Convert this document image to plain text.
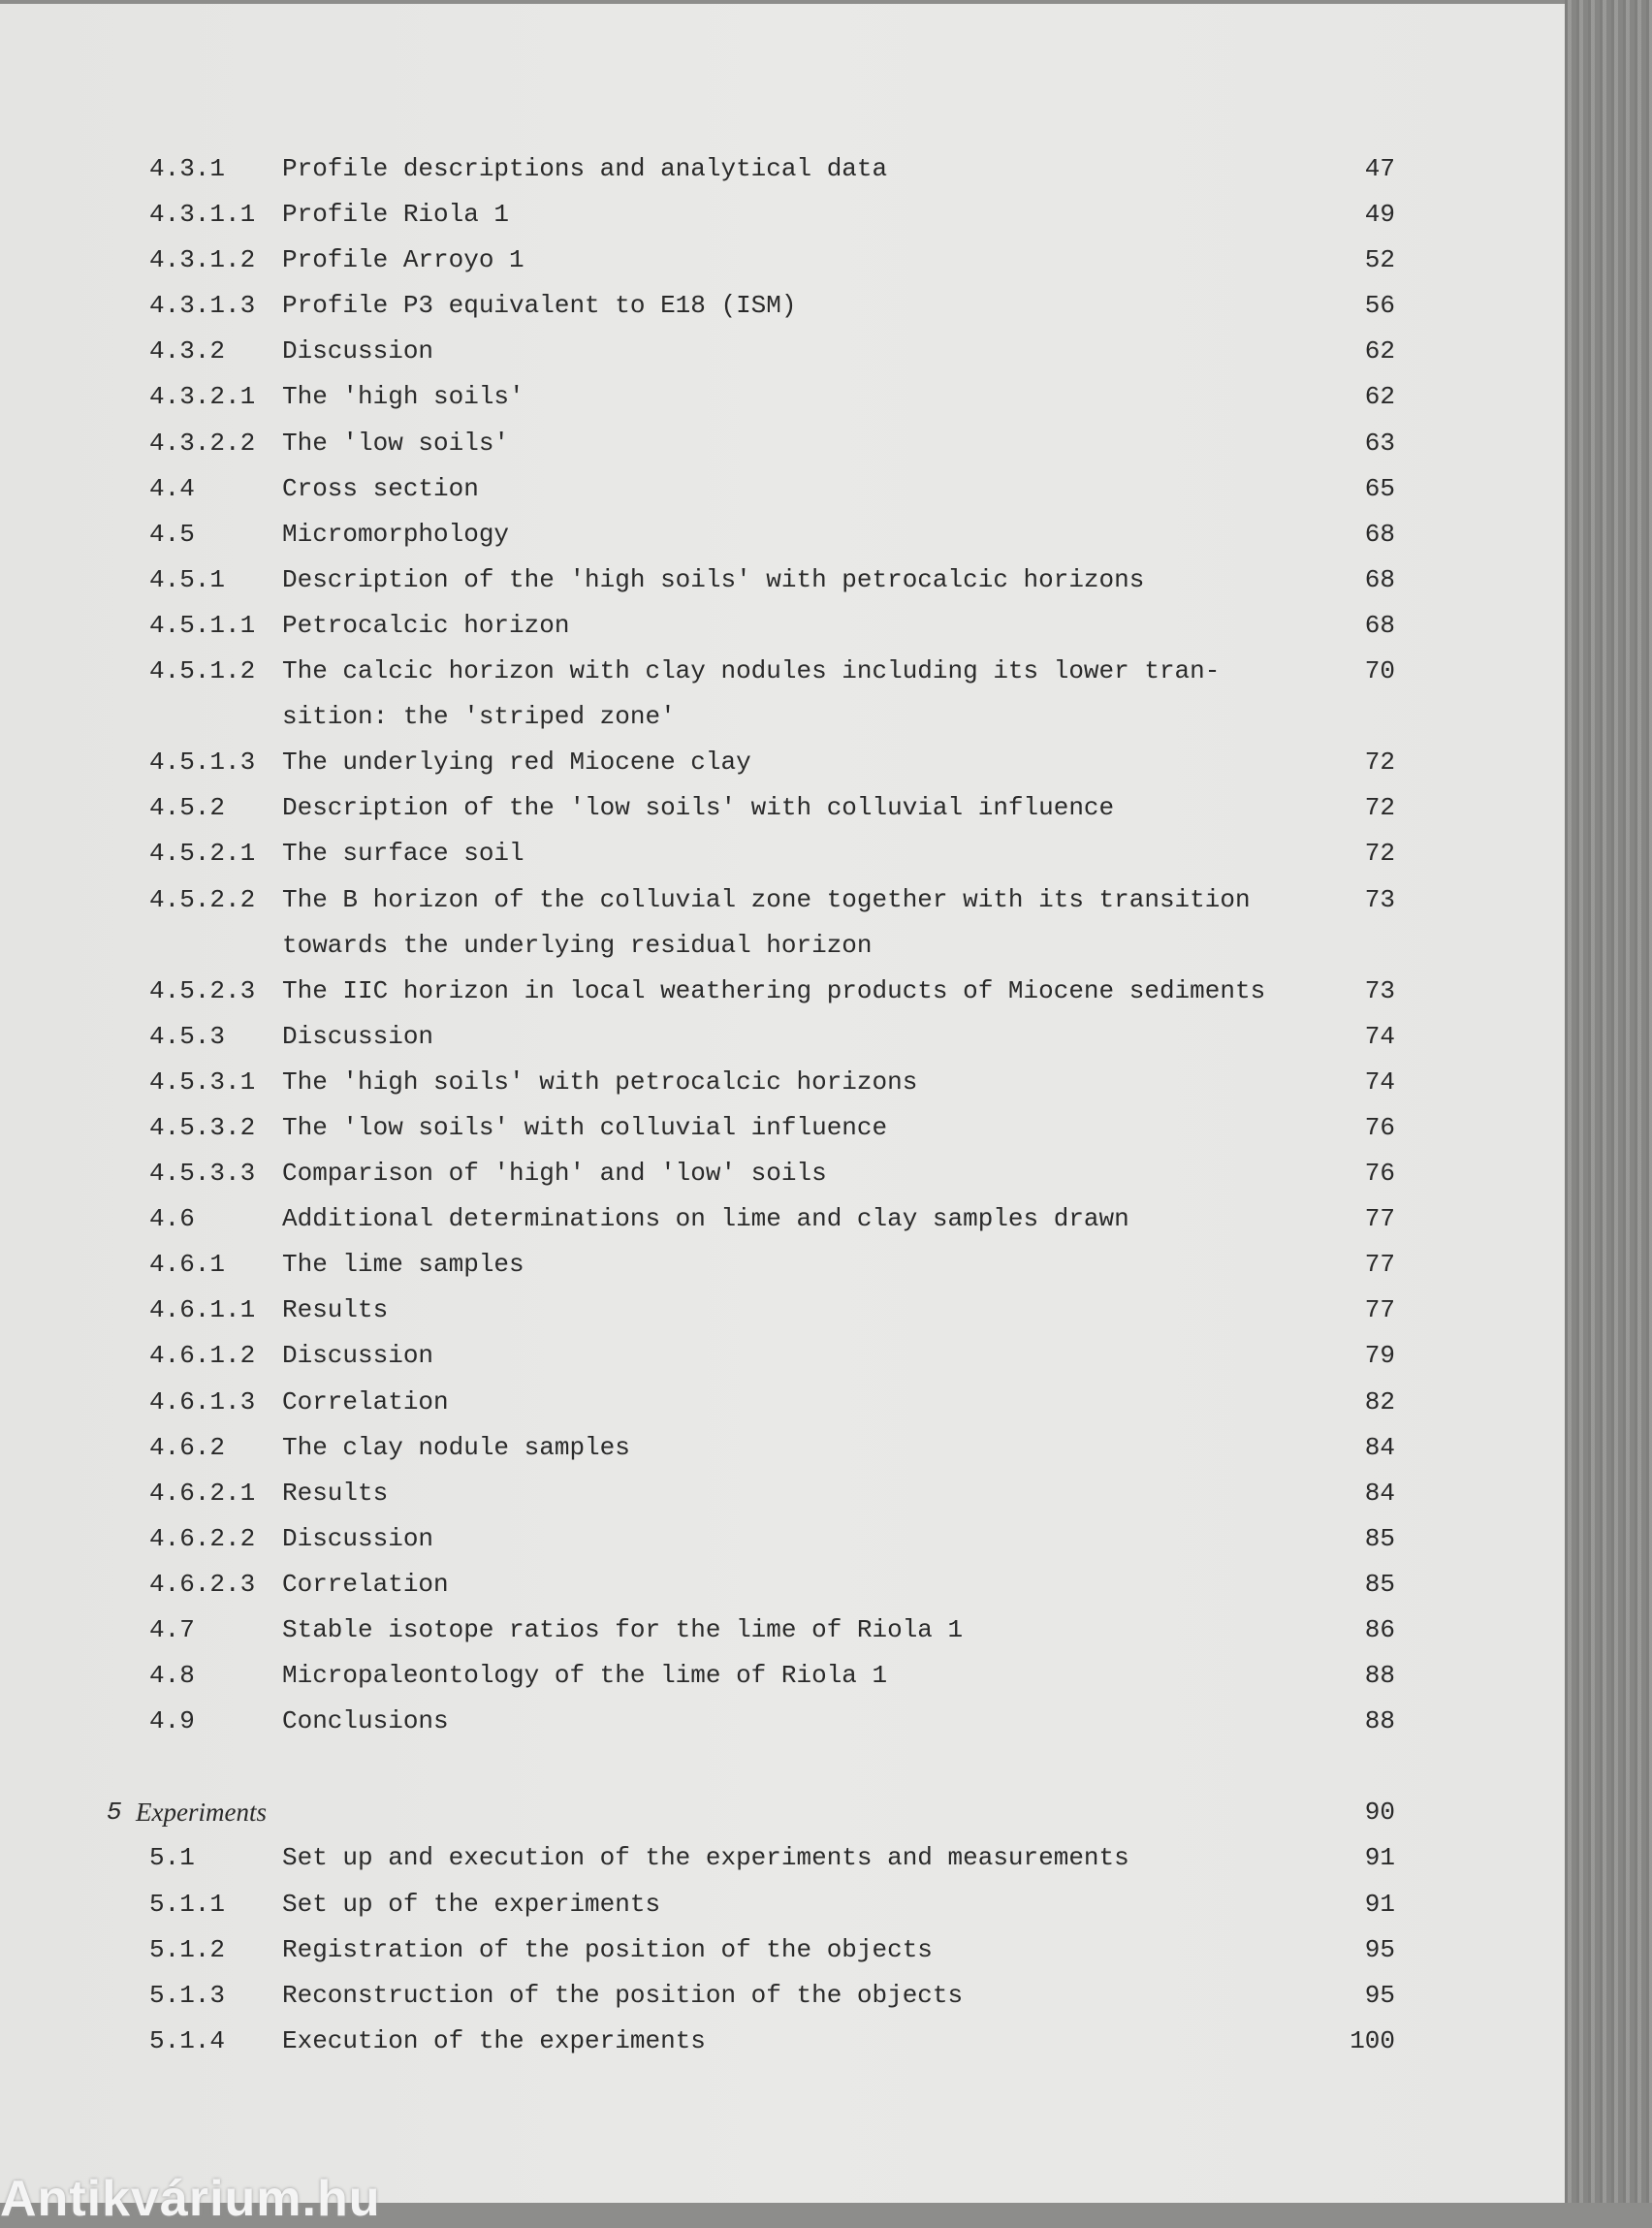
4.3.1 Profile descriptions and analytical data	47
4.3.1.1 Profile Riola 1	49
4.3.1.2 Profile Arroyo 1	52
4.3.1.3 Profile P3 equivalent to E18 (ISM)	56
4.3.2 Discussion	62
4.3.2.1 The 'high soils'	62
4.3.2.2 The 'low soils'	63
4.4	Cross section	65
4.5	Micromorphology	68
4.5.1 Description of the 'high soils' with petrocalcic horizons	68
4.5.1.1 Petrocalcic horizon	68
4.5.1.2 The calcic horizon with clay nodules including its lower tran-	70
sition: the 'striped zone'
4.5.1.3 The underlying red Miocene clay	72
4.5.2 Description of the 'low soils' with colluvial influence	72
4.5.2.1 The surface soil	72
4.5.2.2 The B horizon of the colluvial zone together with its transition	73
towards the underlying residual horizon
4.5.2.3 The IIC horizon in local weathering products of Miocene sediments	73
4.5.3 Discussion	74
4.5.3.1 The 'high soils' with petrocalcic horizons	74
4.5.3.2 The 'low soils' with colluvial influence	76
4.5.3.3 Comparison of 'high' and 'low' soils	76
4.6	Additional determinations on lime and clay samples drawn	77
4.6.1 The lime samples	77
4.6.1.1 Results	77
4.6.1.2 Discussion	79
4.6.1.3 Correlation	82
4.6.2 The clay nodule samples	84
4.6.2.1 Results	84
4.6.2.2 Discussion	85
4.6.2.3 Correlation	85
4.7	Stable isotope ratios for the lime of Riola 1	86
4.8	Micropaleontology of the lime of Riola 1	88
4.9	Conclusions	88
5 Experiments	90
5.1	Set up and execution of the experiments and measurements	91
5.1.1 Set up of the experiments	91
5.1.2 Registration of the position of the objects	95
5.1.3 Reconstruction of the position of the objects	95
5.1.4 Execution of the experiments	100
Antikvárium.hu
